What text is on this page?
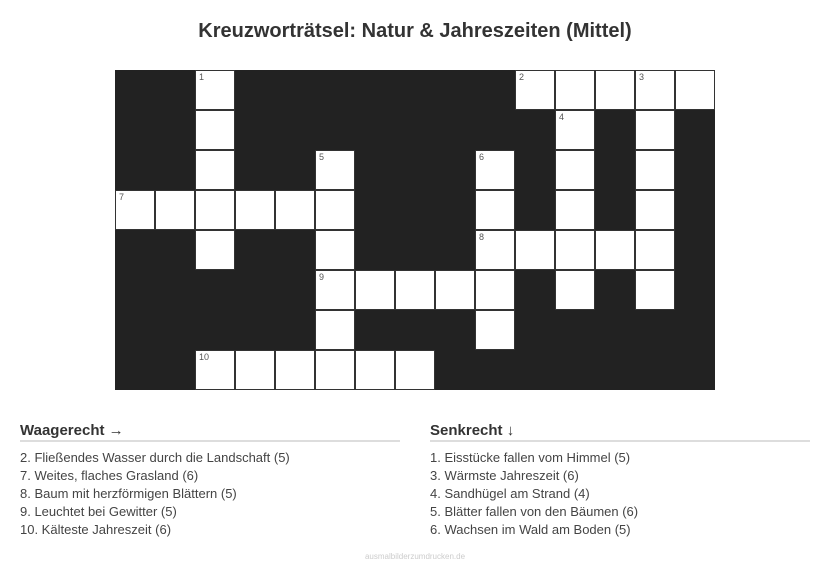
Kreuzworträtsel: Natur & Jahreszeiten (Mittel)
1	2	3
4
5	6
7
8
9
10
Waagerecht →
2. Fließendes Wasser durch die Landschaft (5)
7. Weites, flaches Grasland (6)
8. Baum mit herzförmigen Blättern (5)
9. Leuchtet bei Gewitter (5)
10. Kälteste Jahreszeit (6)
Senkrecht ↓
1. Eisstücke fallen vom Himmel (5)
3. Wärmste Jahreszeit (6)
4. Sandhügel am Strand (4)
5. Blätter fallen von den Bäumen (6)
6. Wachsen im Wald am Boden (5)
ausmalbilderzumdrucken.de
